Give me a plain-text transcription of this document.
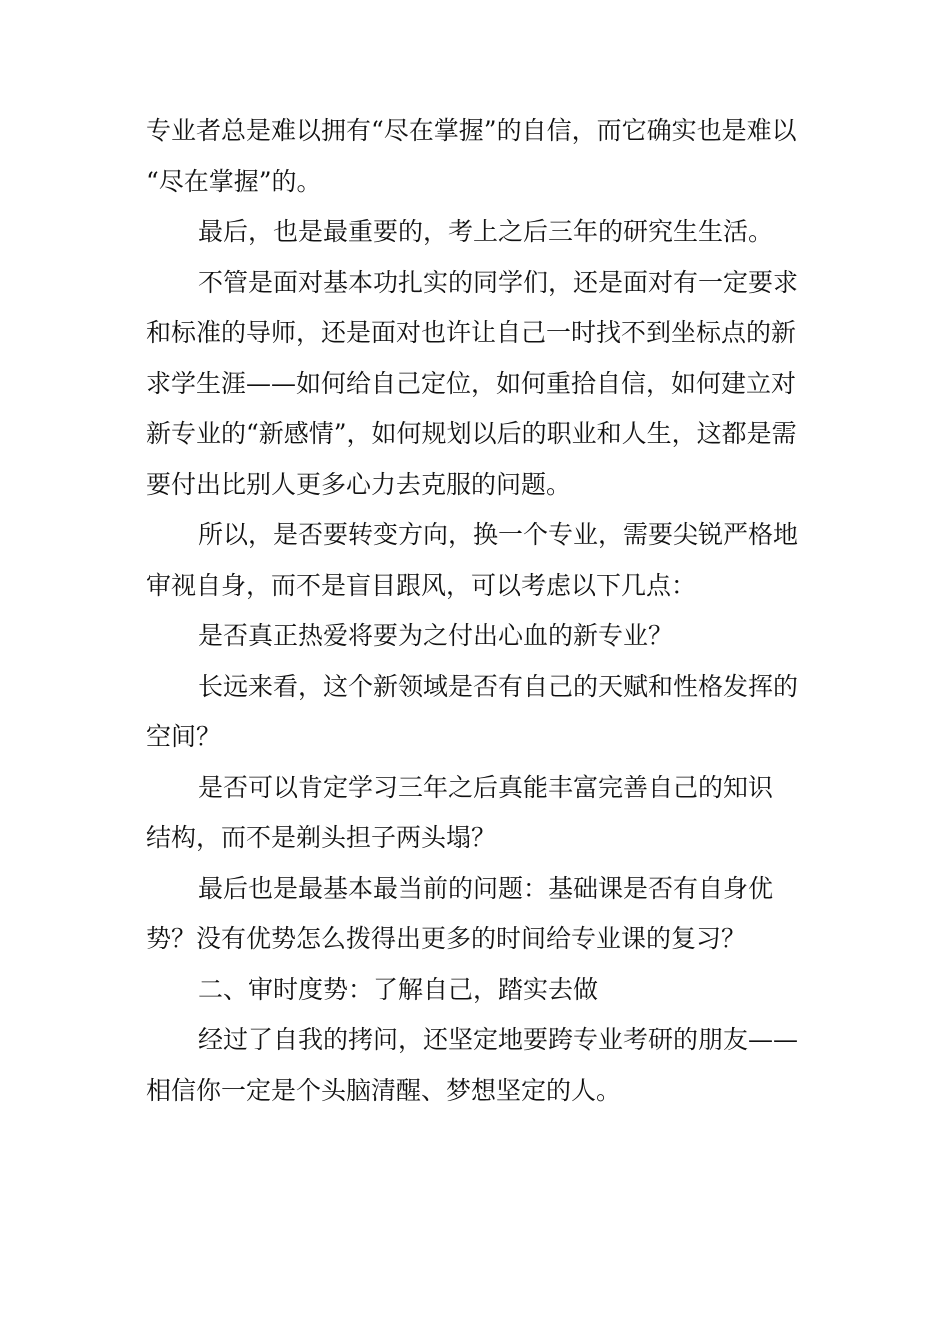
专业者总是难以拥有“尽在掌握”的自信，而它确实也是难以
“尽在掌握”的。
最后，也是最重要的，考上之后三年的研究生生活。
不管是面对基本功扎实的同学们，还是面对有一定要求
和标准的导师，还是面对也许让自己一时找不到坐标点的新
求学生涯——如何给自己定位，如何重拾自信，如何建立对
新专业的“新感情”，如何规划以后的职业和人生，这都是需
要付出比别人更多心力去克服的问题。
所以，是否要转变方向，换一个专业，需要尖锐严格地
审视自身，而不是盲目跟风，可以考虑以下几点：
是否真正热爱将要为之付出心血的新专业？
长远来看，这个新领域是否有自己的天赋和性格发挥的
空间？
是否可以肯定学习三年之后真能丰富完善自己的知识
结构，而不是剃头担子两头塌？
最后也是最基本最当前的问题：基础课是否有自身优
势？没有优势怎么拨得出更多的时间给专业课的复习？
二、审时度势：了解自己，踏实去做
经过了自我的拷问，还坚定地要跨专业考研的朋友——
相信你一定是个头脑清醒、梦想坚定的人。
